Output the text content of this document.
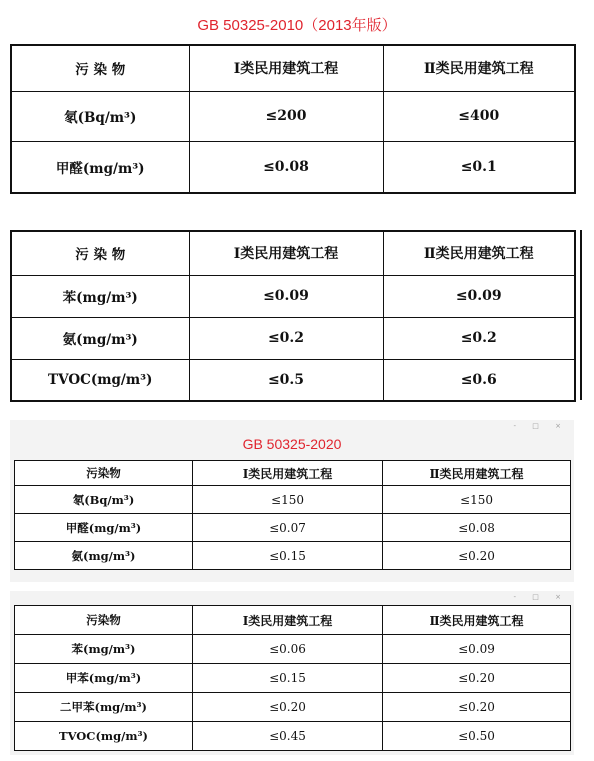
GB 50325-2010（2013年版）
污 染 物	Ⅰ类民用建筑工程	Ⅱ类民用建筑工程
氡(Bq/m³)	≤200	≤400
甲醛(mg/m³)	≤0.08	≤0.1
污 染 物	Ⅰ类民用建筑工程	Ⅱ类民用建筑工程
苯(mg/m³)	≤0.09	≤0.09
氨(mg/m³)	≤0.2	≤0.2
TVOC(mg/m³)	≤0.5	≤0.6
- □ ×
GB 50325-2020
污染物	Ⅰ类民用建筑工程	Ⅱ类民用建筑工程
氡(Bq/m³)	≤150	≤150
甲醛(mg/m³)	≤0.07	≤0.08
氨(mg/m³)	≤0.15	≤0.20
- □ ×
污染物	Ⅰ类民用建筑工程	Ⅱ类民用建筑工程
苯(mg/m³)	≤0.06	≤0.09
甲苯(mg/m³)	≤0.15	≤0.20
二甲苯(mg/m³)	≤0.20	≤0.20
TVOC(mg/m³)	≤0.45	≤0.50
